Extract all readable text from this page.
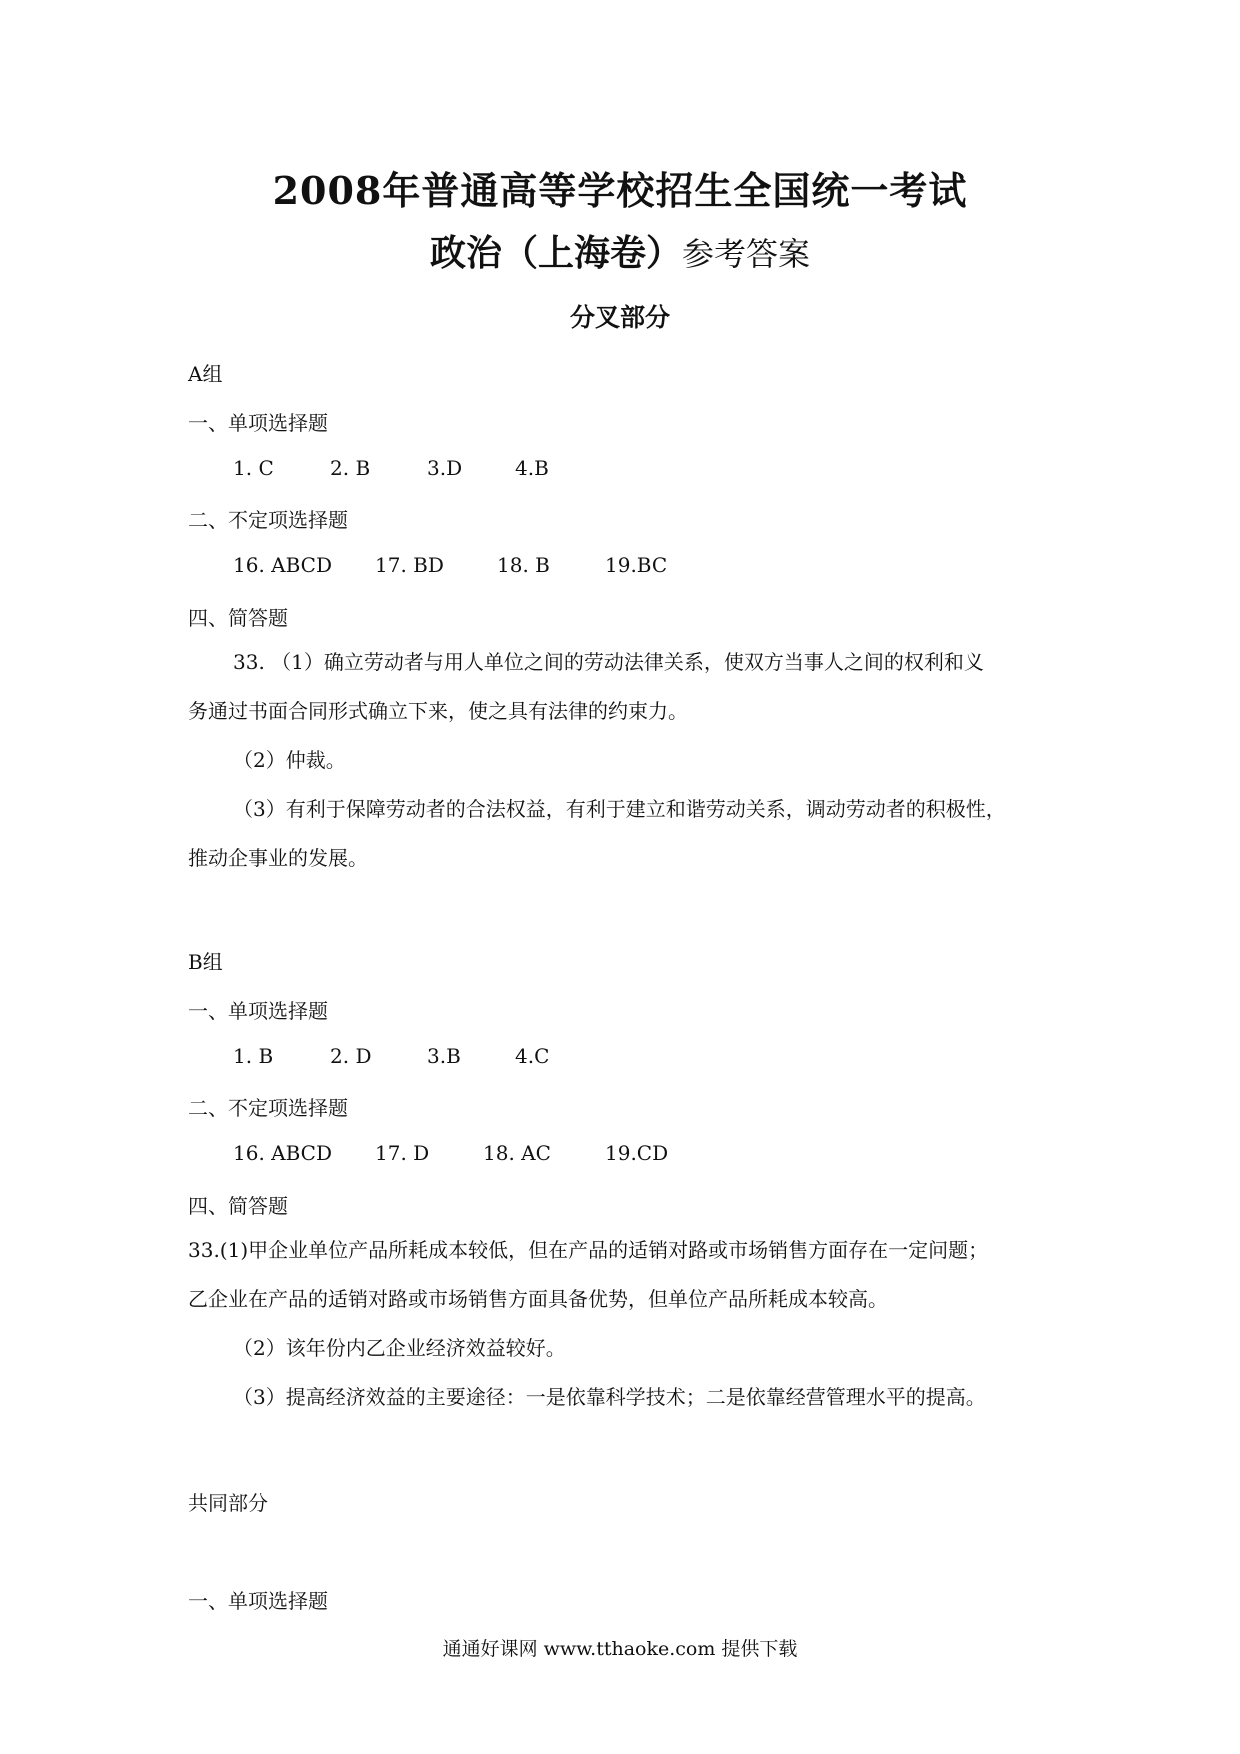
2008年普通高等学校招生全国统一考试
政治（上海卷）参考答案
分叉部分
A组
一、单项选择题
1. C	2. B	3.D	4.B
二、不定项选择题
16. ABCD 17. BD	18. B	19.BC
四、简答题
33. （1）确立劳动者与用人单位之间的劳动法律关系，使双方当事人之间的权利和义
务通过书面合同形式确立下来，使之具有法律的约束力。
（2）仲裁。
（3）有利于保障劳动者的合法权益，有利于建立和谐劳动关系，调动劳动者的积极性，
推动企事业的发展。
B组
一、单项选择题
1. B	2. D	3.B	4.C
二、不定项选择题
16. ABCD 17. D	18. AC	19.CD
四、简答题
33.(1)甲企业单位产品所耗成本较低，但在产品的适销对路或市场销售方面存在一定问题；
乙企业在产品的适销对路或市场销售方面具备优势，但单位产品所耗成本较高。
（2）该年份内乙企业经济效益较好。
（3）提高经济效益的主要途径：一是依靠科学技术；二是依靠经营管理水平的提高。
共同部分
一、单项选择题
通通好课网 www.tthaoke.com 提供下载
